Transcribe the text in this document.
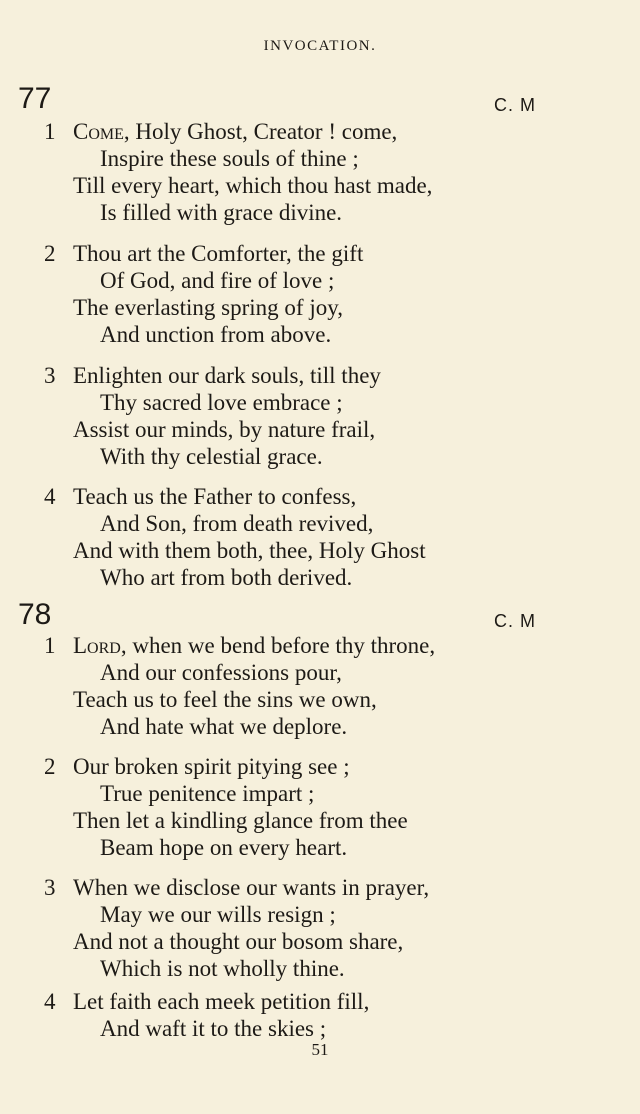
INVOCATION.
77	C. M
1 Come, Holy Ghost, Creator ! come,
Inspire these souls of thine ;
Till every heart, which thou hast made,
Is filled with grace divine.
2 Thou art the Comforter, the gift
Of God, and fire of love ;
The everlasting spring of joy,
And unction from above.
3 Enlighten our dark souls, till they
Thy sacred love embrace ;
Assist our minds, by nature frail,
With thy celestial grace.
4 Teach us the Father to confess,
And Son, from death revived,
And with them both, thee, Holy Ghost
Who art from both derived.
78	C. M
1 Lord, when we bend before thy throne,
And our confessions pour,
Teach us to feel the sins we own,
And hate what we deplore.
2 Our broken spirit pitying see ;
True penitence impart ;
Then let a kindling glance from thee
Beam hope on every heart.
3 When we disclose our wants in prayer,
May we our wills resign ;
And not a thought our bosom share,
Which is not wholly thine.
4 Let faith each meek petition fill,
And waft it to the skies ;
51
